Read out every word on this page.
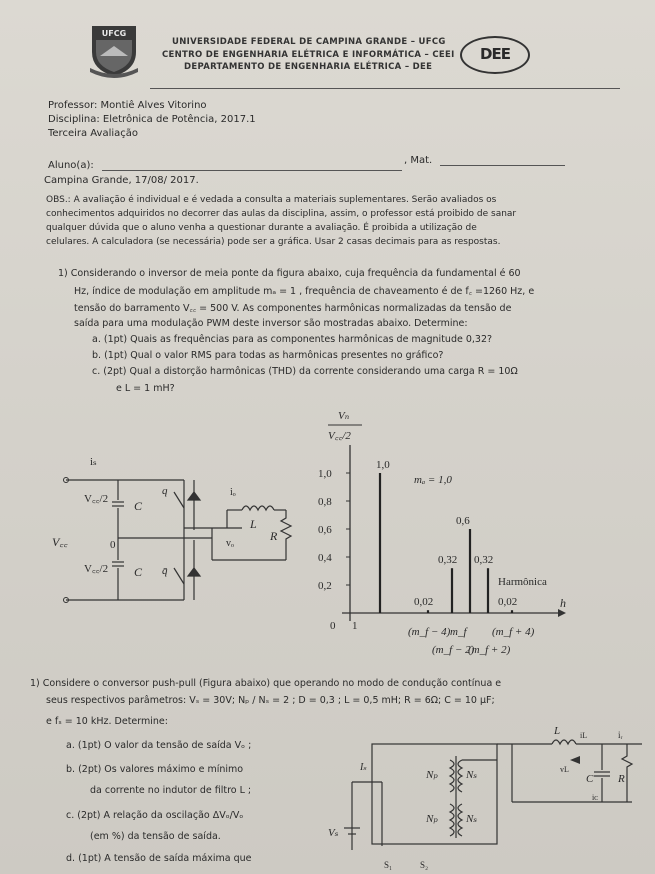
UFCG
UNIVERSIDADE FEDERAL DE CAMPINA GRANDE – UFCG
CENTRO DE ENGENHARIA ELÉTRICA E INFORMÁTICA – CEEI
DEPARTAMENTO DE ENGENHARIA ELÉTRICA – DEE
DEE
Professor: Montiê Alves Vitorino
Disciplina: Eletrônica de Potência, 2017.1
Terceira Avaliação
Aluno(a):	, Mat.
Campina Grande, 17/08/ 2017.
OBS.: A avaliação é individual e é vedada a consulta a materiais suplementares. Serão avaliados os
conhecimentos adquiridos no decorrer das aulas da disciplina, assim, o professor está proibido de sanar
qualquer dúvida que o aluno venha a questionar durante a avaliação. É proibida a utilização de
celulares. A calculadora (se necessária) pode ser a gráfica. Usar 2 casas decimais para as respostas.
1) Considerando o inversor de meia ponte da figura abaixo, cuja frequência da fundamental é 60
Hz, índice de modulação em amplitude mₐ = 1 , frequência de chaveamento é de f꜀ =1260 Hz, e
tensão do barramento V꜀꜀ = 500 V. As componentes harmônicas normalizadas da tensão de
saída para uma modulação PWM deste inversor são mostradas abaixo. Determine:
a. (1pt) Quais as frequências para as componentes harmônicas de magnitude 0,32?
b. (1pt) Qual o valor RMS para todas as harmônicas presentes no gráfico?
c. (2pt) Qual a distorção harmônicas (THD) da corrente considerando uma carga R = 10Ω
e L = 1 mH?
iₛ
V꜀꜀/2 C
q	iₒ
L
R
vₒ
0
V꜀꜀/2 C q̄
V꜀꜀
Vₙ
V꜀꜀/2
h
0,2
0,4
0,6
0,8
1,0
0 1
1,0
0,02
0,32
0,6
0,32
0,02
(m_f − 4) m_f (m_f + 4)
(m_f − 2)
(m_f + 2)
mₐ = 1,0
Harmônica
1) Considere o conversor push-pull (Figura abaixo) que operando no modo de condução contínua e
seus respectivos parâmetros: Vₛ = 30V; Nₚ / Nₛ = 2 ; D = 0,3 ; L = 0,5 mH; R = 6Ω; C = 10 μF;
e fₛ = 10 kHz. Determine:
a. (1pt) O valor da tensão de saída Vₒ ;
b. (2pt) Os valores máximo e mínimo
da corrente no indutor de filtro L ;
c. (2pt) A relação da oscilação ΔVₒ/Vₒ
(em %) da tensão de saída.
d. (1pt) A tensão de saída máxima que
L iL	iᵣ
vL
C R
iᴄ
Iₛ
Nₚ	Nₛ
Nₚ	Nₛ
Vₛ
S₁	S₂
